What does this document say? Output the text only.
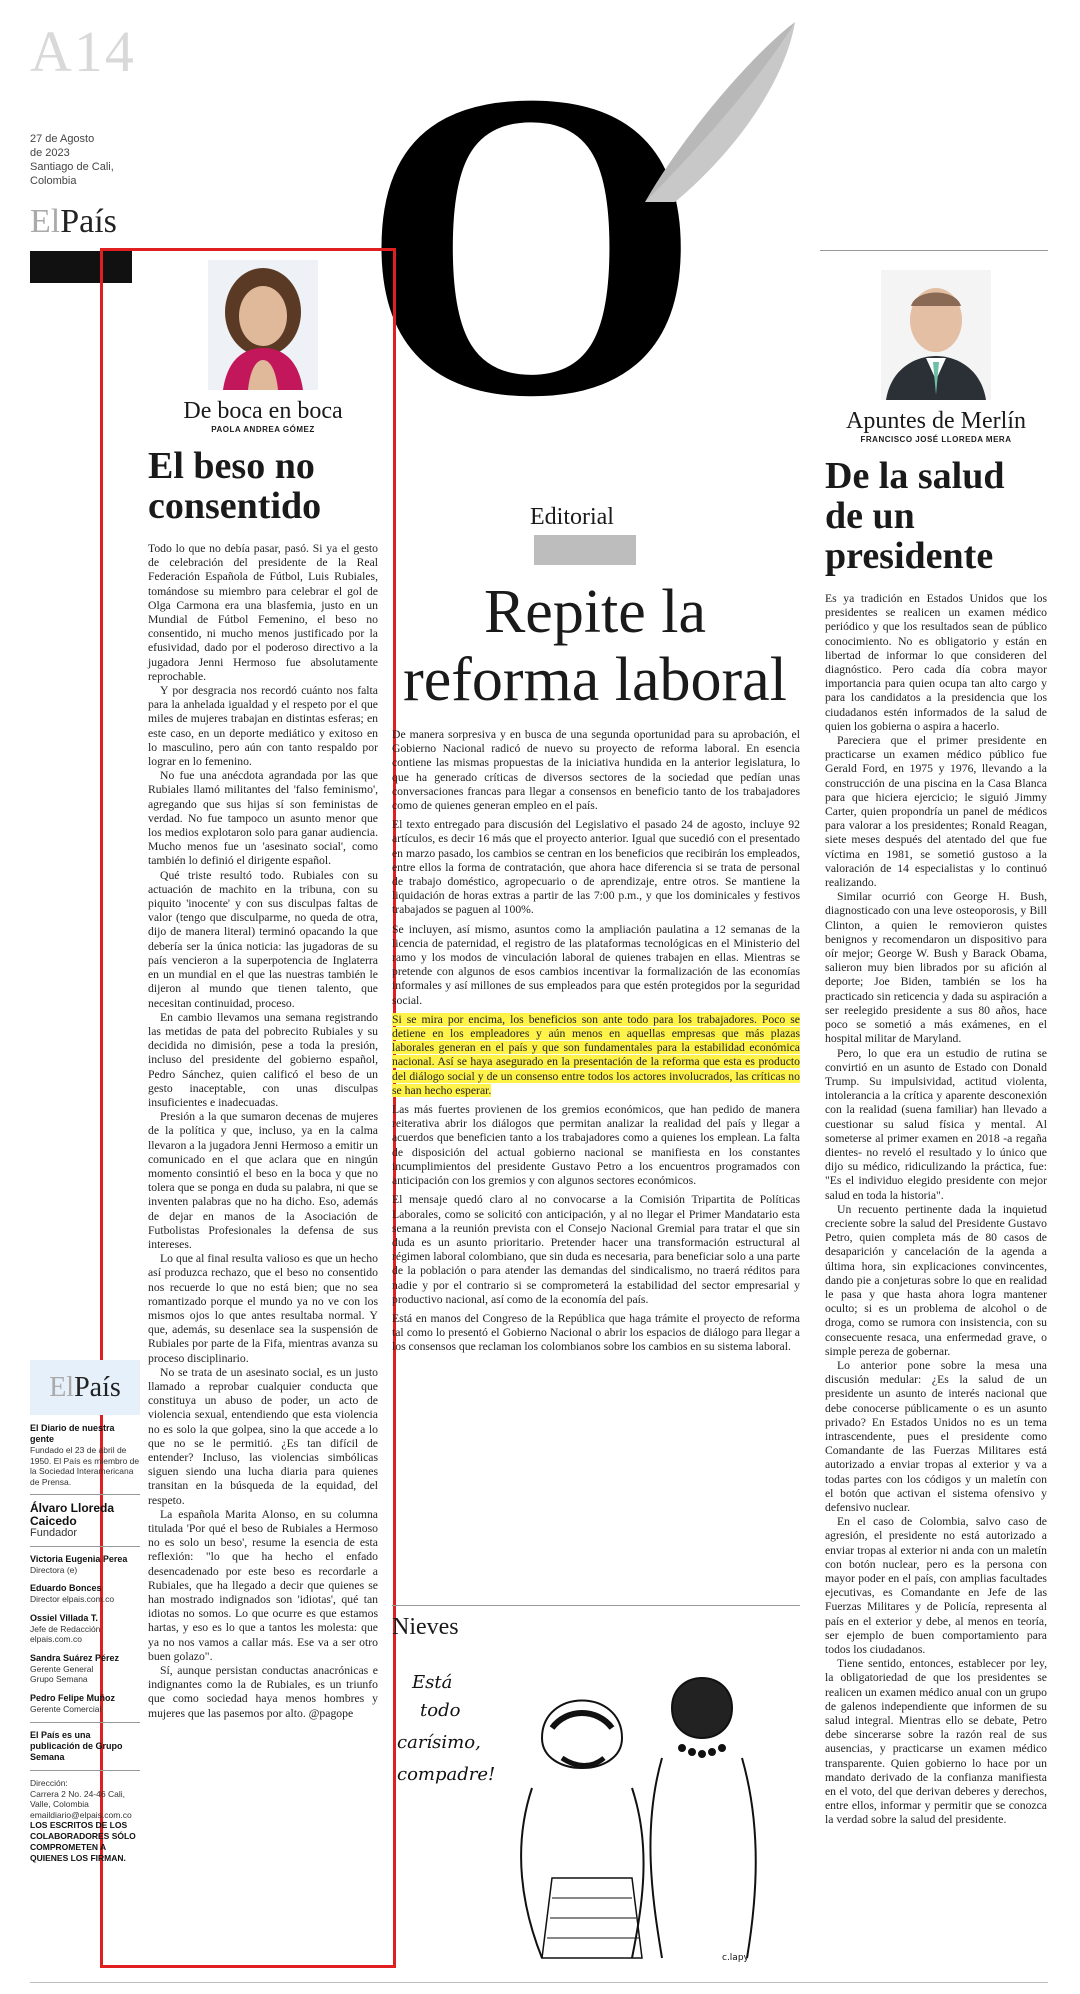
A14
27 de Agosto
de 2023
Santiago de Cali,
Colombia
ElPaís O
De boca en boca
PAOLA ANDREA GÓMEZ
El beso no consentido

Todo lo que no debía pasar, pasó. Si ya el gesto de celebración del presidente de la Real Federación Española de Fútbol, Luis Rubiales, tomándose su miembro para celebrar el gol de Olga Carmona era una blasfemia, justo en un Mundial de Fútbol Femenino, el beso no consentido, ni mucho menos justificado por la efusividad, dado por el poderoso directivo a la jugadora Jenni Hermoso fue absolutamente reprochable.

Y por desgracia nos recordó cuánto nos falta para la anhelada igualdad y el respeto por el que miles de mujeres trabajan en distintas esferas; en este caso, en un deporte mediático y exitoso en lo masculino, pero aún con tanto respaldo por lograr en lo femenino.

No fue una anécdota agrandada por las que Rubiales llamó militantes del 'falso feminismo', agregando que sus hijas sí son feministas de verdad. No fue tampoco un asunto menor que los medios explotaron solo para ganar audiencia. Mucho menos fue un 'asesinato social', como también lo definió el dirigente español.

Qué triste resultó todo. Rubiales con su actuación de machito en la tribuna, con su piquito 'inocente' y con sus disculpas faltas de valor (tengo que disculparme, no queda de otra, dijo de manera literal) terminó opacando la que debería ser la única noticia: las jugadoras de su país vencieron a la superpotencia de Inglaterra en un mundial en el que las nuestras también le dijeron al mundo que tienen talento, que necesitan continuidad, proceso.

En cambio llevamos una semana registrando las metidas de pata del pobrecito Rubiales y su decidida no dimisión, pese a toda la presión, incluso del presidente del gobierno español, Pedro Sánchez, quien calificó el beso de un gesto inaceptable, con unas disculpas insuficientes e inadecuadas.

Presión a la que sumaron decenas de mujeres de la política y que, incluso, ya en la calma llevaron a la jugadora Jenni Hermoso a emitir un comunicado en el que aclara que en ningún momento consintió el beso en la boca y que no tolera que se ponga en duda su palabra, ni que se inventen palabras que no ha dicho. Eso, además de dejar en manos de la Asociación de Futbolistas Profesionales la defensa de sus intereses.

Lo que al final resulta valioso es que un hecho así produzca rechazo, que el beso no consentido nos recuerde lo que no está bien; que no sea romantizado porque el mundo ya no ve con los mismos ojos lo que antes resultaba normal. Y que, además, su desenlace sea la suspensión de Rubiales por parte de la Fifa, mientras avanza su proceso disciplinario.

No se trata de un asesinato social, es un justo llamado a reprobar cualquier conducta que constituya un abuso de poder, un acto de violencia sexual, entendiendo que esta violencia no es solo la que golpea, sino la que accede a lo que no se le permitió. ¿Es tan difícil de entender? Incluso, las violencias simbólicas siguen siendo una lucha diaria para quienes transitan en la búsqueda de la equidad, del respeto.

La española Marita Alonso, en su columna titulada 'Por qué el beso de Rubiales a Hermoso no es solo un beso', resume la esencia de esta reflexión: "lo que ha hecho el enfado desencadenado por este beso es recordarle a Rubiales, que ha llegado a decir que quienes se han mostrado indignados son 'idiotas', qué tan idiotas no somos. Lo que ocurre es que estamos hartas, y eso es lo que a tantos les molesta: que ya no nos vamos a callar más. Ese va a ser otro buen golazo".

Sí, aunque persistan conductas anacrónicas e indignantes como la de Rubiales, es un triunfo que como sociedad haya menos hombres y mujeres que las pasemos por alto. @pagope

Editorial
Repite la reforma laboral

De manera sorpresiva y en busca de una segunda oportunidad para su aprobación, el Gobierno Nacional radicó de nuevo su proyecto de reforma laboral. En esencia contiene las mismas propuestas de la iniciativa hundida en la anterior legislatura, lo que ha generado críticas de diversos sectores de la sociedad que pedían unas conversaciones francas para llegar a consensos en beneficio tanto de los trabajadores como de quienes generan empleo en el país.

El texto entregado para discusión del Legislativo el pasado 24 de agosto, incluye 92 artículos, es decir 16 más que el proyecto anterior. Igual que sucedió con el presentado en marzo pasado, los cambios se centran en los beneficios que recibirán los empleados, entre ellos la forma de contratación, que ahora hace diferencia si se trata de personal de trabajo doméstico, agropecuario o de aprendizaje, entre otros. Se mantiene la liquidación de horas extras a partir de las 7:00 p.m., y que los dominicales y festivos trabajados se paguen al 100%.

Se incluyen, así mismo, asuntos como la ampliación paulatina a 12 semanas de la licencia de paternidad, el registro de las plataformas tecnológicas en el Ministerio del ramo y los modos de vinculación laboral de quienes trabajen en ellas. Mientras se pretende con algunos de esos cambios incentivar la formalización de las economías informales y así millones de sus empleados para que estén protegidos por la seguridad social.

Si se mira por encima, los beneficios son ante todo para los trabajadores. Poco se detiene en los empleadores y aún menos en aquellas empresas que más plazas laborales generan en el país y que son fundamentales para la estabilidad económica nacional. Así se haya asegurado en la presentación de la reforma que esta es producto del diálogo social y de un consenso entre todos los actores involucrados, las críticas no se han hecho esperar.

Las más fuertes provienen de los gremios económicos, que han pedido de manera reiterativa abrir los diálogos que permitan analizar la realidad del país y llegar a acuerdos que beneficien tanto a los trabajadores como a quienes los emplean. La falta de disposición del actual gobierno nacional se manifiesta en los constantes incumplimientos del presidente Gustavo Petro a los encuentros programados con anticipación con los gremios y con algunos sectores económicos.

El mensaje quedó claro al no convocarse a la Comisión Tripartita de Políticas Laborales, como se solicitó con anticipación, y al no llegar el Primer Mandatario esta semana a la reunión prevista con el Consejo Nacional Gremial para tratar el que sin duda es un asunto prioritario. Pretender hacer una transformación estructural al régimen laboral colombiano, que sin duda es necesaria, para beneficiar solo a una parte de la población o para atender las demandas del sindicalismo, no traerá réditos para nadie y por el contrario si se comprometerá la estabilidad del sector empresarial y productivo nacional, así como de la economía del país.

Está en manos del Congreso de la República que haga trámite el proyecto de reforma tal como lo presentó el Gobierno Nacional o abrir los espacios de diálogo para llegar a los consensos que reclaman los colombianos sobre los cambios en su sistema laboral.

Nieves
Está
todo
carísimo,
compadre!
c.lapy
Apuntes de Merlín
FRANCISCO JOSÉ LLOREDA MERA
De la salud de un presidente

Es ya tradición en Estados Unidos que los presidentes se realicen un examen médico periódico y que los resultados sean de público conocimiento. No es obligatorio y están en libertad de informar lo que consideren del diagnóstico. Pero cada día cobra mayor importancia para quien ocupa tan alto cargo y para los candidatos a la presidencia que los ciudadanos estén informados de la salud de quien los gobierna o aspira a hacerlo.

Pareciera que el primer presidente en practicarse un examen médico público fue Gerald Ford, en 1975 y 1976, llevando a la construcción de una piscina en la Casa Blanca para que hiciera ejercicio; le siguió Jimmy Carter, quien propondría un panel de médicos para valorar a los presidentes; Ronald Reagan, siete meses después del atentado del que fue víctima en 1981, se sometió gustoso a la valoración de 14 especialistas y lo continuó realizando.

Similar ocurrió con George H. Bush, diagnosticado con una leve osteoporosis, y Bill Clinton, a quien le removieron quistes benignos y recomendaron un dispositivo para oír mejor; George W. Bush y Barack Obama, salieron muy bien librados por su afición al deporte; Joe Biden, también se los ha practicado sin reticencia y dada su aspiración a ser reelegido presidente a sus 80 años, hace poco se sometió a más exámenes, en el hospital militar de Maryland.

Pero, lo que era un estudio de rutina se convirtió en un asunto de Estado con Donald Trump. Su impulsividad, actitud violenta, intolerancia a la crítica y aparente desconexión con la realidad (suena familiar) han llevado a cuestionar su salud física y mental. Al someterse al primer examen en 2018 -a regaña dientes- no reveló el resultado y lo único que dijo su médico, ridiculizando la práctica, fue: "Es el individuo elegido presidente con mejor salud en toda la historia".

Un recuento pertinente dada la inquietud creciente sobre la salud del Presidente Gustavo Petro, quien completa más de 80 casos de desaparición y cancelación de la agenda a última hora, sin explicaciones convincentes, dando pie a conjeturas sobre lo que en realidad le pasa y que hasta ahora logra mantener oculto; si es un problema de alcohol o de droga, como se rumora con insistencia, con su consecuente resaca, una enfermedad grave, o simple pereza de gobernar.

Lo anterior pone sobre la mesa una discusión medular: ¿Es la salud de un presidente un asunto de interés nacional que debe conocerse públicamente o es un asunto privado? En Estados Unidos no es un tema intrascendente, pues el presidente como Comandante de las Fuerzas Militares está autorizado a enviar tropas al exterior y va a todas partes con los códigos y un maletín con el botón que activan el sistema ofensivo y defensivo nuclear.

En el caso de Colombia, salvo caso de agresión, el presidente no está autorizado a enviar tropas al exterior ni anda con un maletín con botón nuclear, pero es la persona con mayor poder en el país, con amplias facultades ejecutivas, es Comandante en Jefe de las Fuerzas Militares y de Policía, representa al país en el exterior y debe, al menos en teoría, ser ejemplo de buen comportamiento para todos los ciudadanos.

Tiene sentido, entonces, establecer por ley, la obligatoriedad de que los presidentes se realicen un examen médico anual con un grupo de galenos independiente que informen de su salud integral. Mientras ello se debate, Petro debe sincerarse sobre la razón real de sus ausencias, y practicarse un examen médico transparente. Quien gobierno lo hace por un mandato derivado de la confianza manifiesta en el voto, del que derivan deberes y derechos, entre ellos, informar y permitir que se conozca la verdad sobre la salud del presidente.

ElPaís
El Diario de nuestra gente
Fundado el 23 de abril de 1950. El País es miembro de la Sociedad Interamericana de Prensa.
Álvaro Lloreda Caicedo
Fundador
Victoria Eugenia Perea
Directora (e)
Eduardo Bonces
Director elpais.com.co
Ossiel Villada T.
Jefe de Redacción
elpais.com.co
Sandra Suárez Pérez
Gerente General
Grupo Semana
Pedro Felipe Muñoz
Gerente Comercial
El País es una publicación de Grupo Semana
Dirección:
Carrera 2 No. 24-46 Cali, Valle, Colombia
emaildiario@elpais.com.co
LOS ESCRITOS DE LOS COLABORADORES SÓLO COMPROMETEN A QUIENES LOS FIRMAN.
